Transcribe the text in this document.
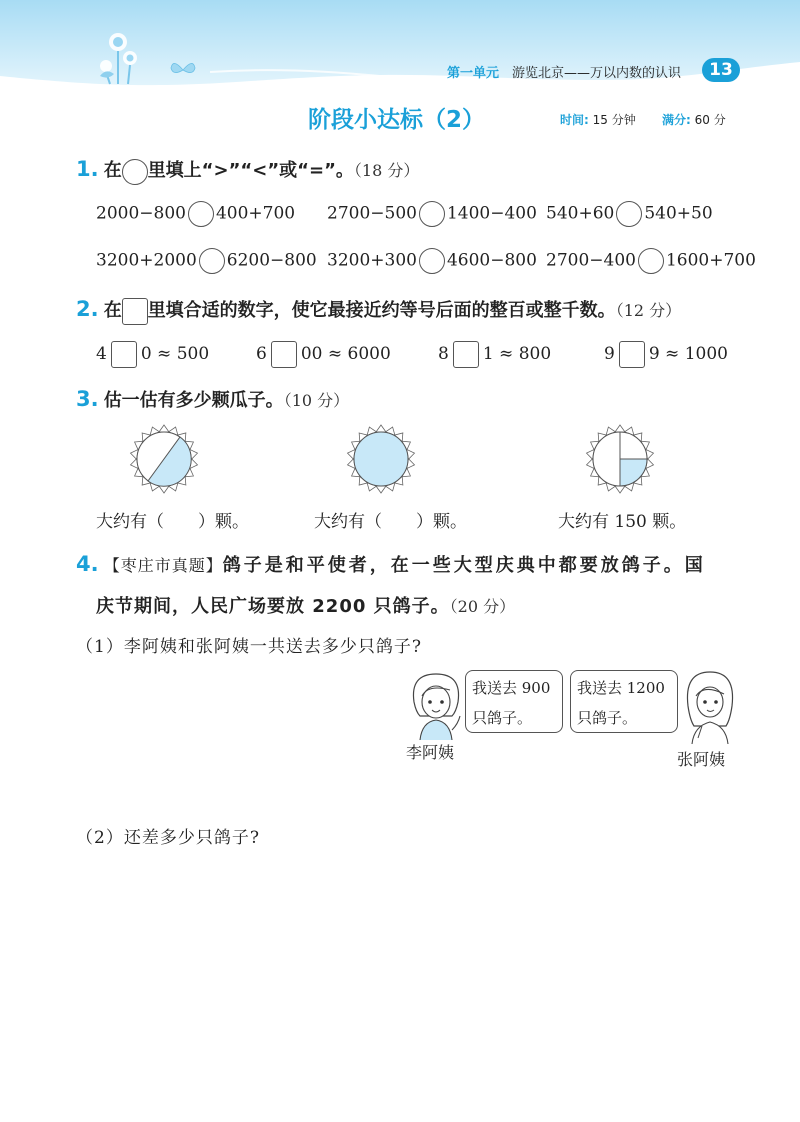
第一单元 游览北京——万以内数的认识	13
阶段小达标（2）	时间: 15 分钟 满分: 60 分
1. 在 里填上“>”“<”或“=”。（18 分）
2000−800 400+700 2700−500 1400−400 540+60 540+50
3200+2000 6200−800 3200+300 4600−800 2700−400 1600+700
2. 在 里填合适的数字，使它最接近约等号后面的整百或整千数。（12 分）
4 0 ≈ 500	6 00 ≈ 6000	8 1 ≈ 800	9 9 ≈ 1000
3. 估一估有多少颗瓜子。（10 分）
大约有（　　）颗。	大约有（　　）颗。	大约有 150 颗。
4. 【枣庄市真题】鸽子是和平使者，在一些大型庆典中都要放鸽子。国
庆节期间，人民广场要放 2200 只鸽子。（20 分）
（1）李阿姨和张阿姨一共送去多少只鸽子?
我送去 900
只鸽子。
李阿姨
我送去 1200
只鸽子。
张阿姨
（2）还差多少只鸽子?
